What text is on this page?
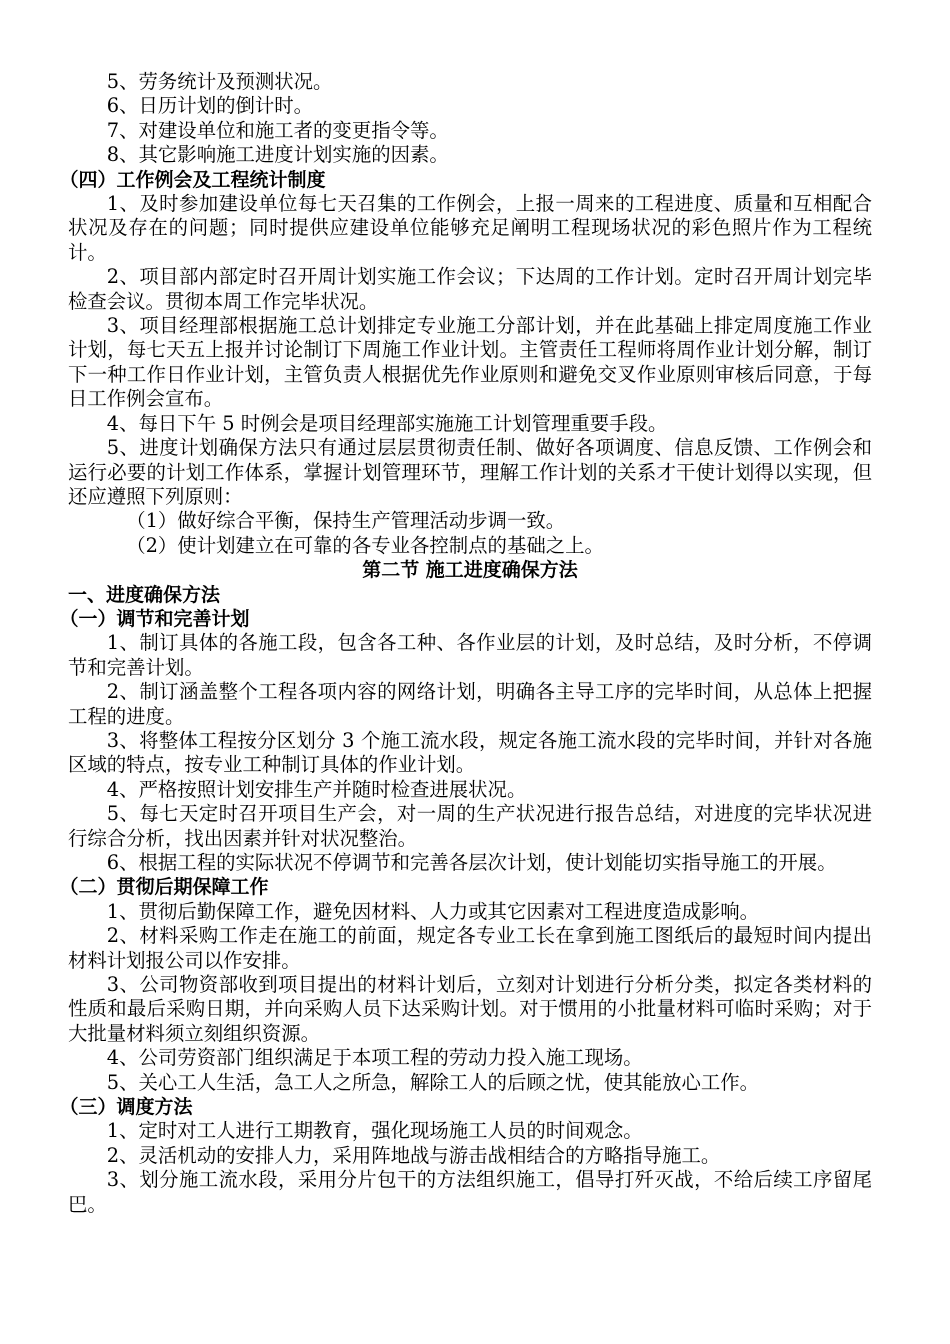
5、劳务统计及预测状况。

6、日历计划的倒计时。

7、对建设单位和施工者的变更指令等。

8、其它影响施工进度计划实施的因素。

（四）工作例会及工程统计制度

1、及时参加建设单位每七天召集的工作例会，上报一周来的工程进度、质量和互相配合状况及存在的问题；同时提供应建设单位能够充足阐明工程现场状况的彩色照片作为工程统计。

2、项目部内部定时召开周计划实施工作会议；下达周的工作计划。定时召开周计划完毕检查会议。贯彻本周工作完毕状况。

3、项目经理部根据施工总计划排定专业施工分部计划，并在此基础上排定周度施工作业计划，每七天五上报并讨论制订下周施工作业计划。主管责任工程师将周作业计划分解，制订下一种工作日作业计划，主管负责人根据优先作业原则和避免交叉作业原则审核后同意，于每日工作例会宣布。

4、每日下午 5 时例会是项目经理部实施施工计划管理重要手段。

5、进度计划确保方法只有通过层层贯彻责任制、做好各项调度、信息反馈、工作例会和运行必要的计划工作体系，掌握计划管理环节，理解工作计划的关系才干使计划得以实现，但还应遵照下列原则：

（1）做好综合平衡，保持生产管理活动步调一致。

（2）使计划建立在可靠的各专业各控制点的基础之上。

第二节 施工进度确保方法

一、进度确保方法

（一）调节和完善计划

1、制订具体的各施工段，包含各工种、各作业层的计划，及时总结，及时分析，不停调节和完善计划。

2、制订涵盖整个工程各项内容的网络计划，明确各主导工序的完毕时间，从总体上把握工程的进度。

3、将整体工程按分区划分 3 个施工流水段，规定各施工流水段的完毕时间，并针对各施区域的特点，按专业工种制订具体的作业计划。

4、严格按照计划安排生产并随时检查进展状况。

5、每七天定时召开项目生产会，对一周的生产状况进行报告总结，对进度的完毕状况进行综合分析，找出因素并针对状况整治。

6、根据工程的实际状况不停调节和完善各层次计划，使计划能切实指导施工的开展。

（二）贯彻后期保障工作

1、贯彻后勤保障工作，避免因材料、人力或其它因素对工程进度造成影响。

2、材料采购工作走在施工的前面，规定各专业工长在拿到施工图纸后的最短时间内提出材料计划报公司以作安排。

3、公司物资部收到项目提出的材料计划后，立刻对计划进行分析分类，拟定各类材料的性质和最后采购日期，并向采购人员下达采购计划。对于惯用的小批量材料可临时采购；对于大批量材料须立刻组织资源。

4、公司劳资部门组织满足于本项工程的劳动力投入施工现场。

5、关心工人生活，急工人之所急，解除工人的后顾之忧，使其能放心工作。

（三）调度方法

1、定时对工人进行工期教育，强化现场施工人员的时间观念。

2、灵活机动的安排人力，采用阵地战与游击战相结合的方略指导施工。

3、划分施工流水段，采用分片包干的方法组织施工，倡导打歼灭战，不给后续工序留尾巴。
